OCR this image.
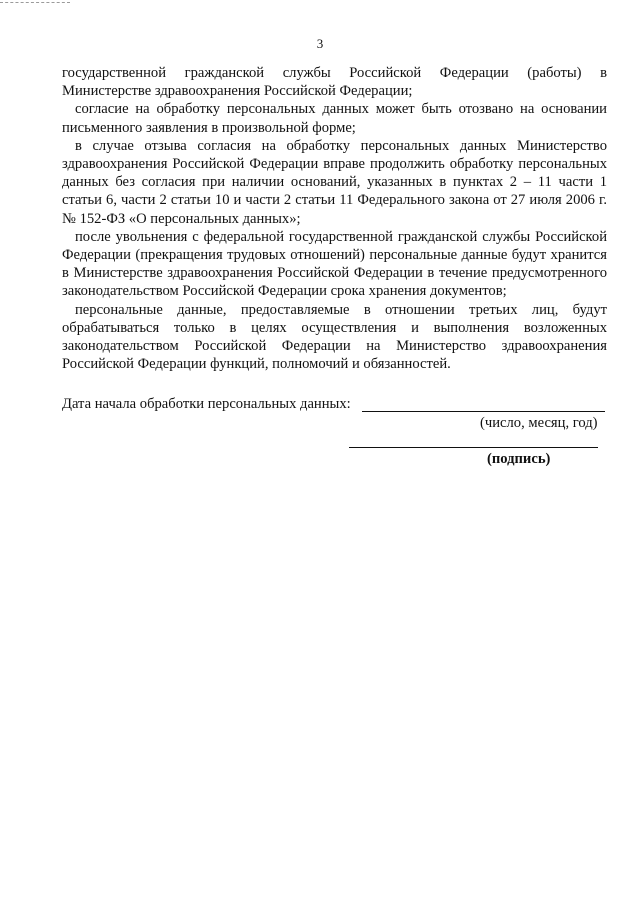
3

государственной гражданской службы Российской Федерации (работы) в Министерстве здравоохранения Российской Федерации;

согласие на обработку персональных данных может быть отозвано на основании письменного заявления в произвольной форме;

в случае отзыва согласия на обработку персональных данных Министерство здравоохранения Российской Федерации вправе продолжить обработку персональных данных без согласия при наличии оснований, указанных в пунктах 2 – 11 части 1 статьи 6, части 2 статьи 10 и части 2 статьи 11 Федерального закона от 27 июля 2006 г. № 152-ФЗ «О персональных данных»;

после увольнения с федеральной государственной гражданской службы Российской Федерации (прекращения трудовых отношений) персональные данные будут хранится в Министерстве здравоохранения Российской Федерации в течение предусмотренного законодательством Российской Федерации срока хранения документов;

персональные данные, предоставляемые в отношении третьих лиц, будут обрабатываться только в целях осуществления и выполнения возложенных законодательством Российской Федерации на Министерство здравоохранения Российской Федерации функций, полномочий и обязанностей.

Дата начала обработки персональных данных:
(число, месяц, год)
(подпись)
